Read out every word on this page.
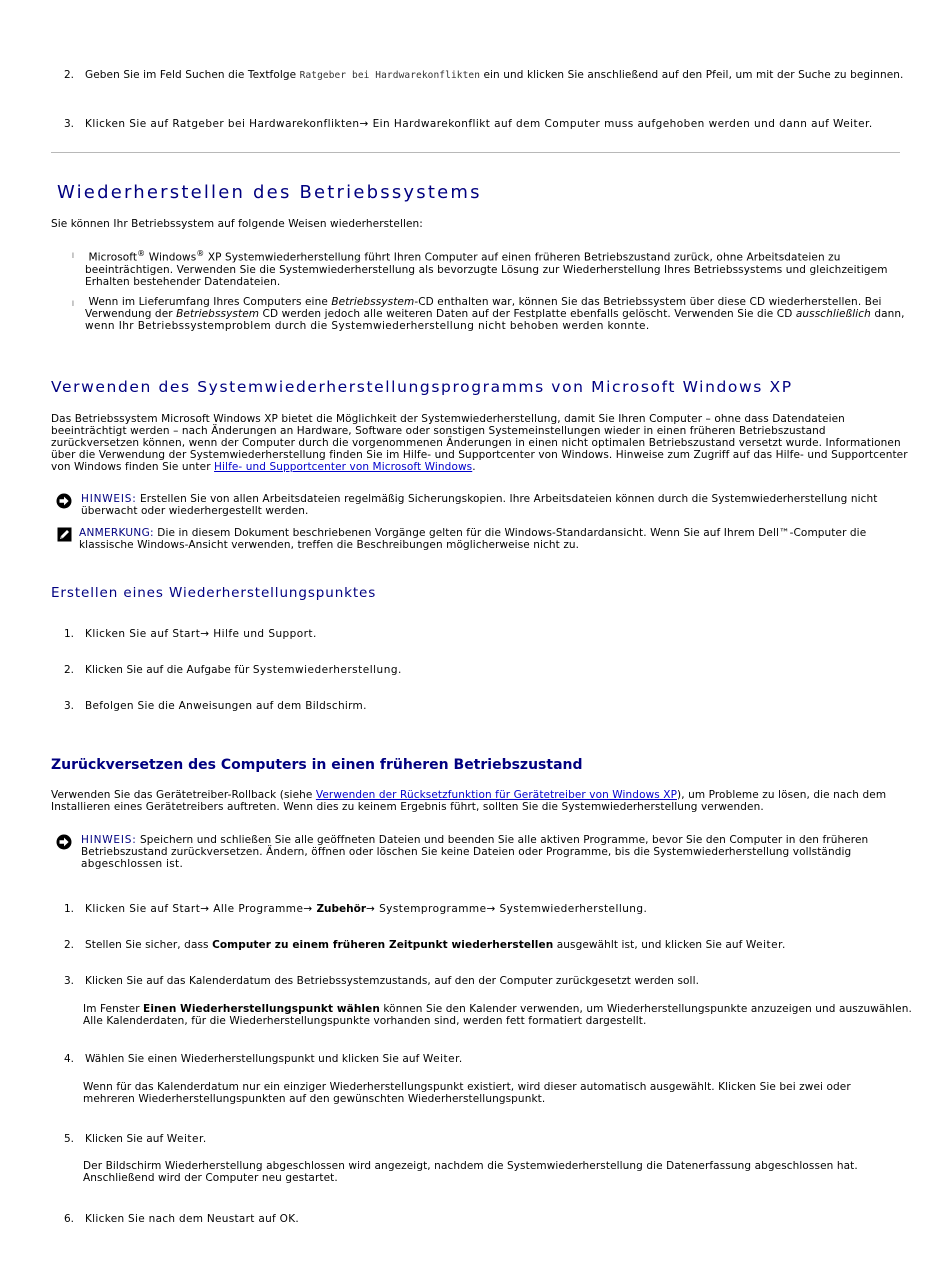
2. Geben Sie im Feld Suchen die Textfolge Ratgeber bei Hardwarekonflikten ein und klicken Sie anschließend auf den Pfeil, um mit der Suche zu beginnen.
3. Klicken Sie auf Ratgeber bei Hardwarekonflikten→ Ein Hardwarekonflikt auf dem Computer muss aufgehoben werden und dann auf Weiter.
Wiederherstellen des Betriebssystems
Sie können Ihr Betriebssystem auf folgende Weisen wiederherstellen:
l	Microsoft® Windows® XP Systemwiederherstellung führt Ihren Computer auf einen früheren Betriebszustand zurück, ohne Arbeitsdateien zu
beeinträchtigen. Verwenden Sie die Systemwiederherstellung als bevorzugte Lösung zur Wiederherstellung Ihres Betriebssystems und gleichzeitigem
Erhalten bestehender Datendateien.
l	Wenn im Lieferumfang Ihres Computers eine Betriebssystem-CD enthalten war, können Sie das Betriebssystem über diese CD wiederherstellen. Bei
Verwendung der Betriebssystem CD werden jedoch alle weiteren Daten auf der Festplatte ebenfalls gelöscht. Verwenden Sie die CD ausschließlich dann,
wenn Ihr Betriebssystemproblem durch die Systemwiederherstellung nicht behoben werden konnte.
Verwenden des Systemwiederherstellungsprogramms von Microsoft Windows XP
Das Betriebssystem Microsoft Windows XP bietet die Möglichkeit der Systemwiederherstellung, damit Sie Ihren Computer – ohne dass Datendateien
beeinträchtigt werden – nach Änderungen an Hardware, Software oder sonstigen Systemeinstellungen wieder in einen früheren Betriebszustand
zurückversetzen können, wenn der Computer durch die vorgenommenen Änderungen in einen nicht optimalen Betriebszustand versetzt wurde. Informationen
über die Verwendung der Systemwiederherstellung finden Sie im Hilfe- und Supportcenter von Windows. Hinweise zum Zugriff auf das Hilfe- und Supportcenter
von Windows finden Sie unter Hilfe- und Supportcenter von Microsoft Windows.
HINWEIS: Erstellen Sie von allen Arbeitsdateien regelmäßig Sicherungskopien. Ihre Arbeitsdateien können durch die Systemwiederherstellung nicht
überwacht oder wiederhergestellt werden.
ANMERKUNG: Die in diesem Dokument beschriebenen Vorgänge gelten für die Windows-Standardansicht. Wenn Sie auf Ihrem Dell™-Computer die
klassische Windows-Ansicht verwenden, treffen die Beschreibungen möglicherweise nicht zu.
Erstellen eines Wiederherstellungspunktes
1. Klicken Sie auf Start→ Hilfe und Support.
2. Klicken Sie auf die Aufgabe für Systemwiederherstellung.
3. Befolgen Sie die Anweisungen auf dem Bildschirm.
Zurückversetzen des Computers in einen früheren Betriebszustand
Verwenden Sie das Gerätetreiber-Rollback (siehe Verwenden der Rücksetzfunktion für Gerätetreiber von Windows XP), um Probleme zu lösen, die nach dem
Installieren eines Gerätetreibers auftreten. Wenn dies zu keinem Ergebnis führt, sollten Sie die Systemwiederherstellung verwenden.
HINWEIS: Speichern und schließen Sie alle geöffneten Dateien und beenden Sie alle aktiven Programme, bevor Sie den Computer in den früheren
Betriebszustand zurückversetzen. Ändern, öffnen oder löschen Sie keine Dateien oder Programme, bis die Systemwiederherstellung vollständig
abgeschlossen ist.
1. Klicken Sie auf Start→ Alle Programme→ Zubehör→ Systemprogramme→ Systemwiederherstellung.
2. Stellen Sie sicher, dass Computer zu einem früheren Zeitpunkt wiederherstellen ausgewählt ist, und klicken Sie auf Weiter.
3. Klicken Sie auf das Kalenderdatum des Betriebssystemzustands, auf den der Computer zurückgesetzt werden soll.
Im Fenster Einen Wiederherstellungspunkt wählen können Sie den Kalender verwenden, um Wiederherstellungspunkte anzuzeigen und auszuwählen.
Alle Kalenderdaten, für die Wiederherstellungspunkte vorhanden sind, werden fett formatiert dargestellt.
4. Wählen Sie einen Wiederherstellungspunkt und klicken Sie auf Weiter.
Wenn für das Kalenderdatum nur ein einziger Wiederherstellungspunkt existiert, wird dieser automatisch ausgewählt. Klicken Sie bei zwei oder
mehreren Wiederherstellungspunkten auf den gewünschten Wiederherstellungspunkt.
5. Klicken Sie auf Weiter.
Der Bildschirm Wiederherstellung abgeschlossen wird angezeigt, nachdem die Systemwiederherstellung die Datenerfassung abgeschlossen hat.
Anschließend wird der Computer neu gestartet.
6. Klicken Sie nach dem Neustart auf OK.
